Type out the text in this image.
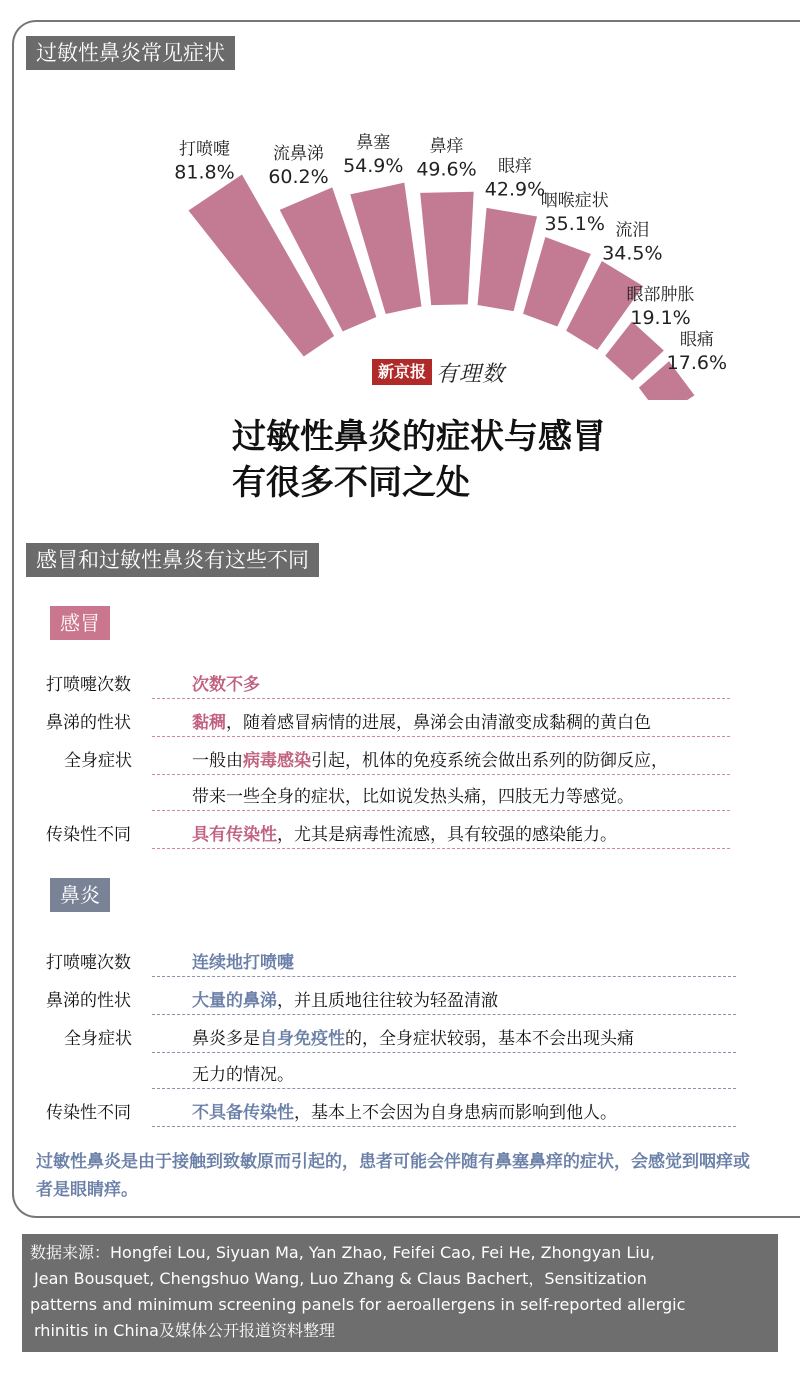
过敏性鼻炎常见症状
81.8%
打喷嚏
60.2%
流鼻涕
54.9%
鼻塞
49.6%
鼻痒
42.9%
眼痒
35.1%
咽喉症状
34.5%
流泪
19.1%
眼部肿胀
17.6%
眼痛
新京报 有理数
过敏性鼻炎的症状与感冒
有很多不同之处
感冒和过敏性鼻炎有这些不同
感冒
打喷嚏次数	次数不多
鼻涕的性状	黏稠，随着感冒病情的进展，鼻涕会由清澈变成黏稠的黄白色
全身症状	一般由病毒感染引起，机体的免疫系统会做出系列的防御反应，
带来一些全身的症状，比如说发热头痛，四肢无力等感觉。
传染性不同	具有传染性，尤其是病毒性流感，具有较强的感染能力。
鼻炎
打喷嚏次数	连续地打喷嚏
鼻涕的性状	大量的鼻涕，并且质地往往较为轻盈清澈
全身症状	鼻炎多是自身免疫性的，全身症状较弱，基本不会出现头痛
无力的情况。
传染性不同	不具备传染性，基本上不会因为自身患病而影响到他人。
过敏性鼻炎是由于接触到致敏原而引起的，患者可能会伴随有鼻塞鼻痒的症状，会感觉到咽痒或者是眼睛痒。
数据来源：Hongfei Lou, Siyuan Ma, Yan Zhao, Feifei Cao, Fei He, Zhongyan Liu,
Jean Bousquet, Chengshuo Wang, Luo Zhang & Claus Bachert，Sensitization
patterns and minimum screening panels for aeroallergens in self-reported allergic
rhinitis in China及媒体公开报道资料整理
